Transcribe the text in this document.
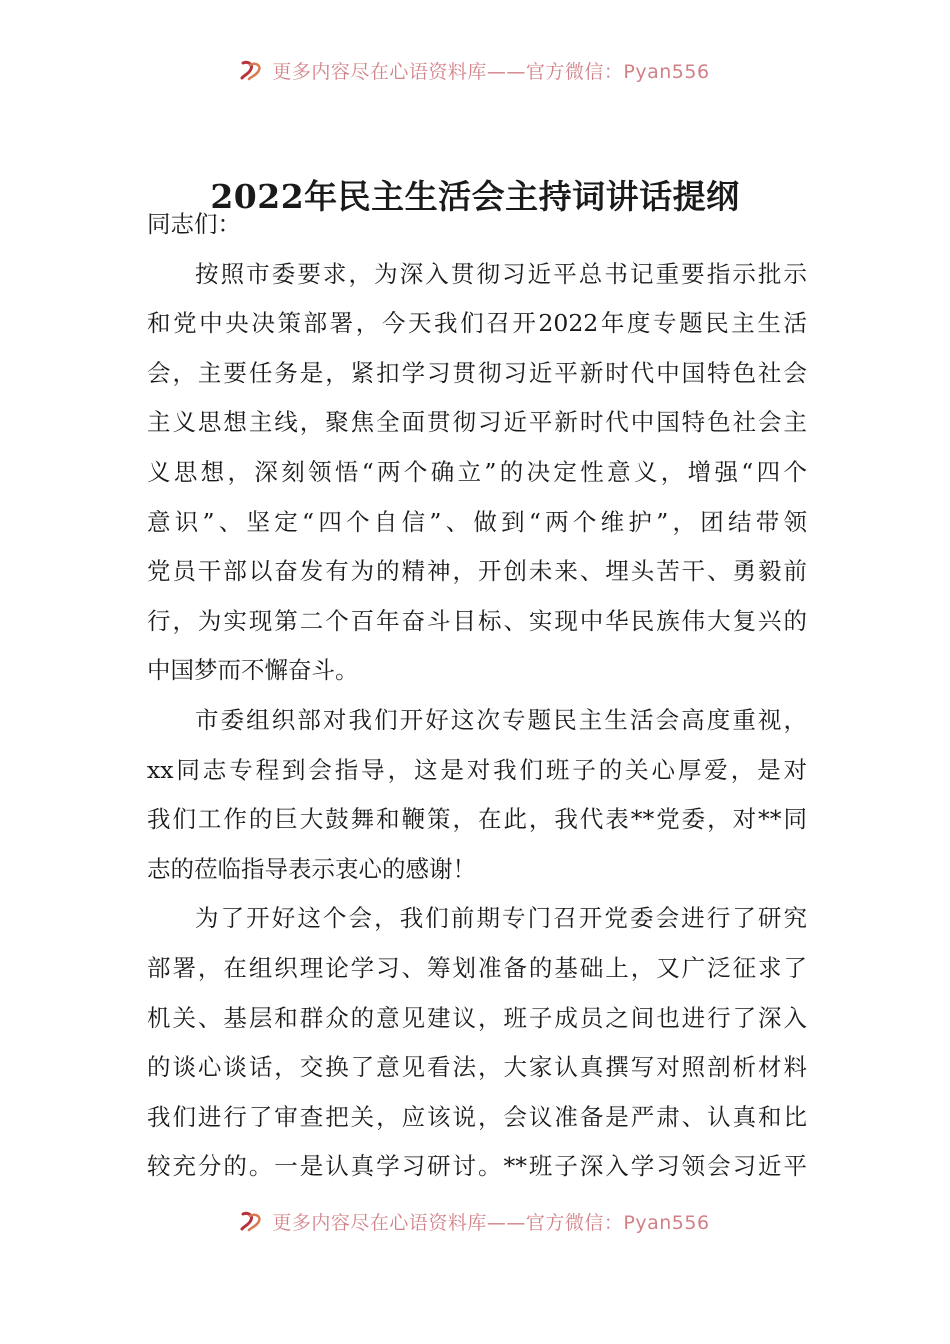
更多内容尽在心语资料库——官方微信：Pyan556
2022年民主生活会主持词讲话提纲
同志们：
按照市委要求，为深入贯彻习近平总书记重要指示批示
和党中央决策部署，今天我们召开2022年度专题民主生活
会，主要任务是，紧扣学习贯彻习近平新时代中国特色社会
主义思想主线，聚焦全面贯彻习近平新时代中国特色社会主
义思想，深刻领悟“两个确立”的决定性意义，增强“四个
意识”、坚定“四个自信”、做到“两个维护”，团结带领
党员干部以奋发有为的精神，开创未来、埋头苦干、勇毅前
行，为实现第二个百年奋斗目标、实现中华民族伟大复兴的
中国梦而不懈奋斗。
市委组织部对我们开好这次专题民主生活会高度重视，
xx同志专程到会指导，这是对我们班子的关心厚爱，是对
我们工作的巨大鼓舞和鞭策，在此，我代表**党委，对**同
志的莅临指导表示衷心的感谢！
为了开好这个会，我们前期专门召开党委会进行了研究
部署，在组织理论学习、筹划准备的基础上，又广泛征求了
机关、基层和群众的意见建议，班子成员之间也进行了深入
的谈心谈话，交换了意见看法，大家认真撰写对照剖析材料
我们进行了审查把关，应该说，会议准备是严肃、认真和比
较充分的。一是认真学习研讨。**班子深入学习领会习近平
更多内容尽在心语资料库——官方微信：Pyan556
